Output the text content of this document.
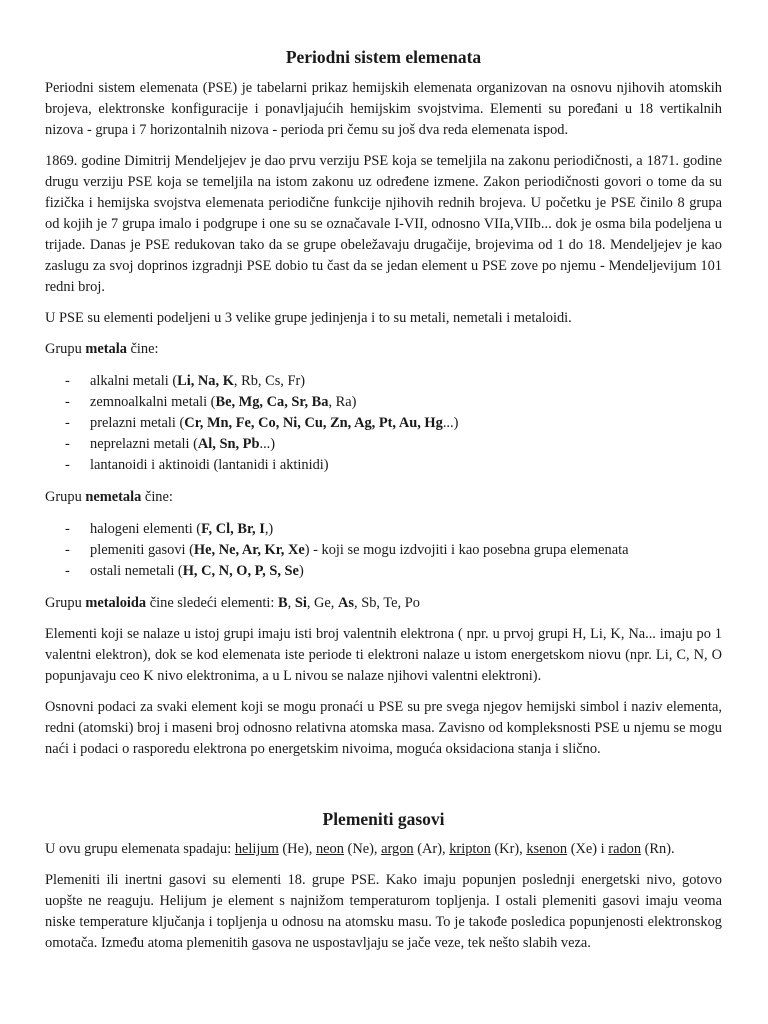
Periodni sistem elemenata

Periodni sistem elemenata (PSE) je tabelarni prikaz hemijskih elemenata organizovan na osnovu njihovih atomskih brojeva, elektronske konfiguracije i ponavljajućih hemijskim svojstvima. Elementi su poređani u 18 vertikalnih nizova - grupa i 7 horizontalnih nizova - perioda pri čemu su još dva reda elemenata ispod.

1869. godine Dimitrij Mendeljejev je dao prvu verziju PSE koja se temeljila na zakonu periodičnosti, a 1871. godine drugu verziju PSE koja se temeljila na istom zakonu uz određene izmene. Zakon periodičnosti govori o tome da su fizička i hemijska svojstva elemenata periodične funkcije njihovih rednih brojeva. U početku je PSE činilo 8 grupa od kojih je 7 grupa imalo i podgrupe i one su se označavale I-VII, odnosno VIIa,VIIb... dok je osma bila podeljena u trijade. Danas je PSE redukovan tako da se grupe obeležavaju drugačije, brojevima od 1 do 18. Mendeljejev je kao zaslugu za svoj doprinos izgradnji PSE dobio tu čast da se jedan element u PSE zove po njemu - Mendeljevijum 101 redni broj.

U PSE su elementi podeljeni u 3 velike grupe jedinjenja i to su metali, nemetali i metaloidi.

Grupu metala čine:

- alkalni metali (Li, Na, K, Rb, Cs, Fr)
- zemnoalkalni metali (Be, Mg, Ca, Sr, Ba, Ra)
- prelazni metali (Cr, Mn, Fe, Co, Ni, Cu, Zn, Ag, Pt, Au, Hg...)
- neprelazni metali (Al, Sn, Pb...)
- lantanoidi i aktinoidi (lantanidi i aktinidi)

Grupu nemetala čine:

- halogeni elementi (F, Cl, Br, I,)
- plemeniti gasovi (He, Ne, Ar, Kr, Xe) - koji se mogu izdvojiti i kao posebna grupa elemenata
- ostali nemetali (H, C, N, O, P, S, Se)

Grupu metaloida čine sledeći elementi: B, Si, Ge, As, Sb, Te, Po

Elementi koji se nalaze u istoj grupi imaju isti broj valentnih elektrona ( npr. u prvoj grupi H, Li, K, Na... imaju po 1 valentni elektron), dok se kod elemenata iste periode ti elektroni nalaze u istom energetskom niovu (npr. Li, C, N, O popunjavaju ceo K nivo elektronima, a u L nivou se nalaze njihovi valentni elektroni).

Osnovni podaci za svaki element koji se mogu pronaći u PSE su pre svega njegov hemijski simbol i naziv elementa, redni (atomski) broj i maseni broj odnosno relativna atomska masa. Zavisno od kompleksnosti PSE u njemu se mogu naći i podaci o rasporedu elektrona po energetskim nivoima, moguća oksidaciona stanja i slično.

Plemeniti gasovi

U ovu grupu elemenata spadaju: helijum (He), neon (Ne), argon (Ar), kripton (Kr), ksenon (Xe) i radon (Rn).

Plemeniti ili inertni gasovi su elementi 18. grupe PSE. Kako imaju popunjen poslednji energetski nivo, gotovo uopšte ne reaguju. Helijum je element s najnižom temperaturom topljenja. I ostali plemeniti gasovi imaju veoma niske temperature ključanja i topljenja u odnosu na atomsku masu. To je takođe posledica popunjenosti elektronskog omotača. Između atoma plemenitih gasova ne uspostavljaju se jače veze, tek nešto slabih veza.
